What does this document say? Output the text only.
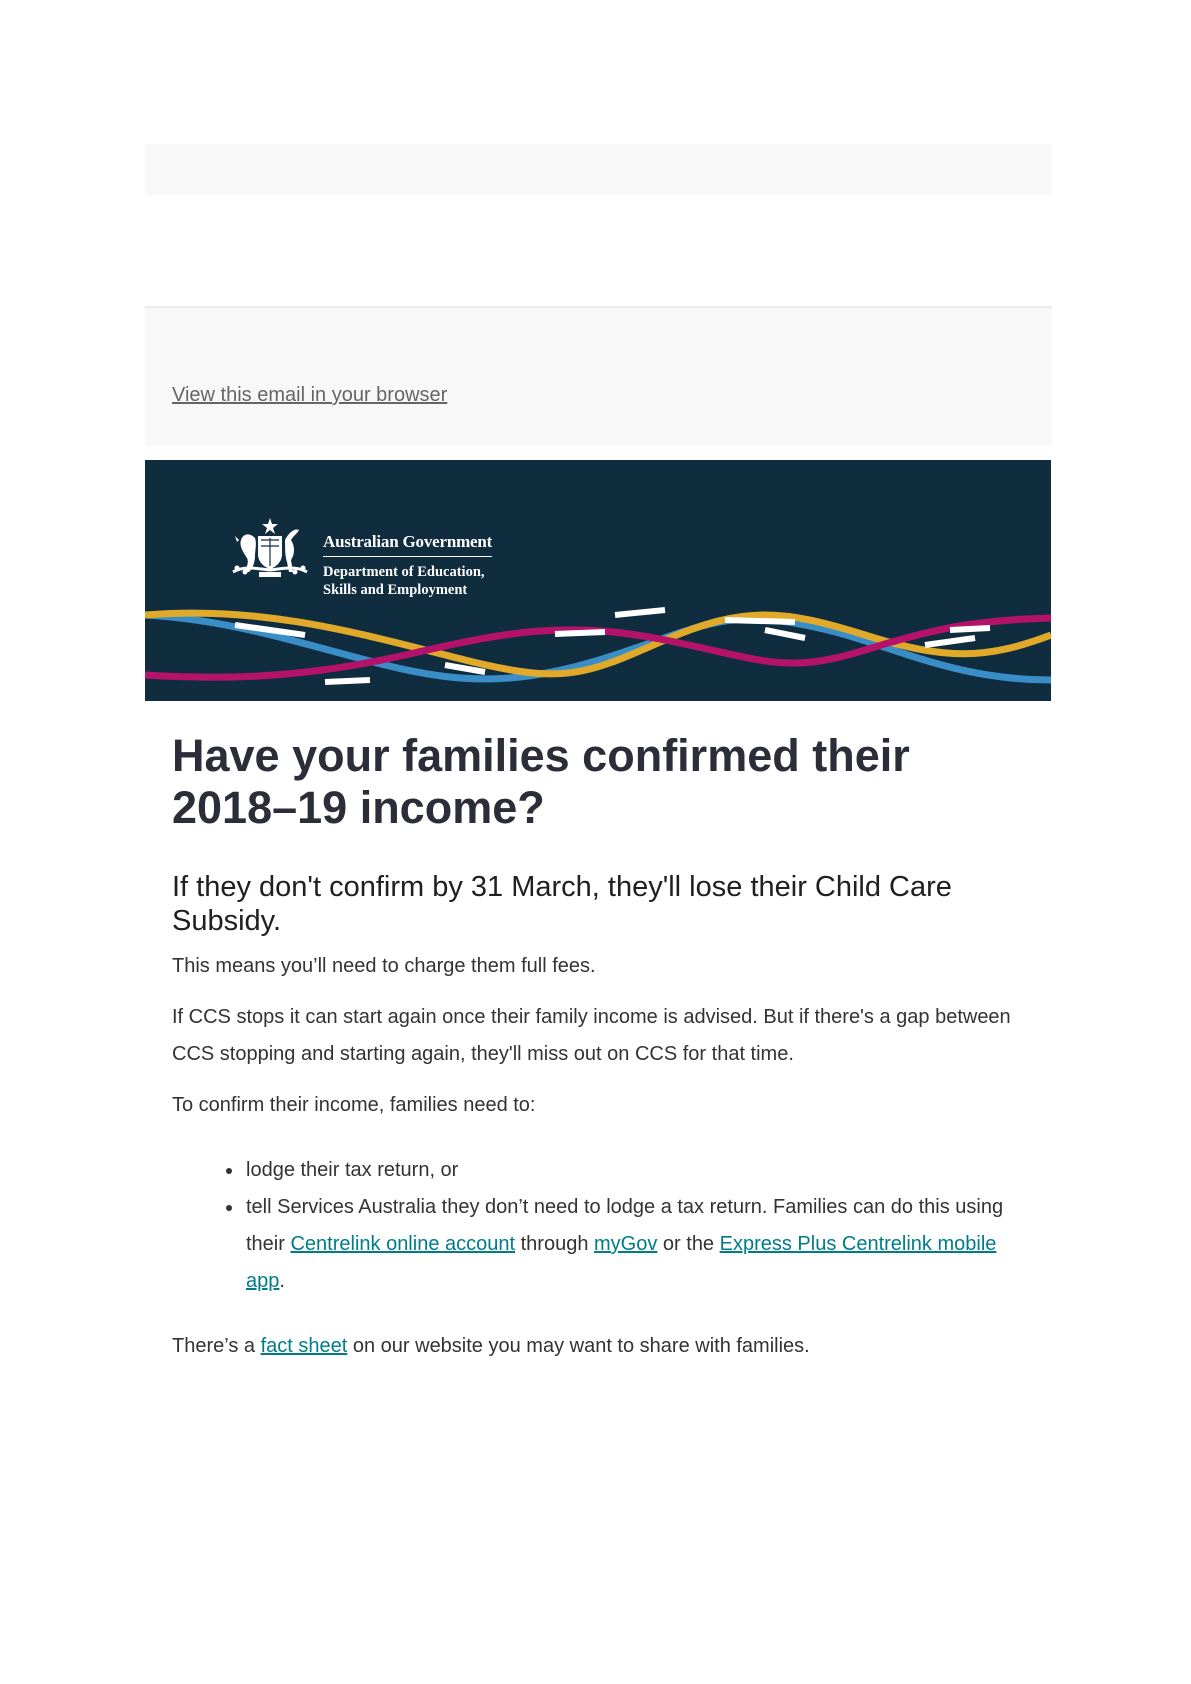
View this email in your browser
Australian Government
Department of Education,
Skills and Employment
Have your families confirmed their 2018–19 income?
If they don't confirm by 31 March, they'll lose their Child Care Subsidy.

This means you’ll need to charge them full fees.

If CCS stops it can start again once their family income is advised. But if there's a gap between CCS stopping and starting again, they'll miss out on CCS for that time.

To confirm their income, families need to:

• lodge their tax return, or
• tell Services Australia they don’t need to lodge a tax return. Families can do this using their Centrelink online account through myGov or the Express Plus Centrelink mobile app.

There’s a fact sheet on our website you may want to share with families.
